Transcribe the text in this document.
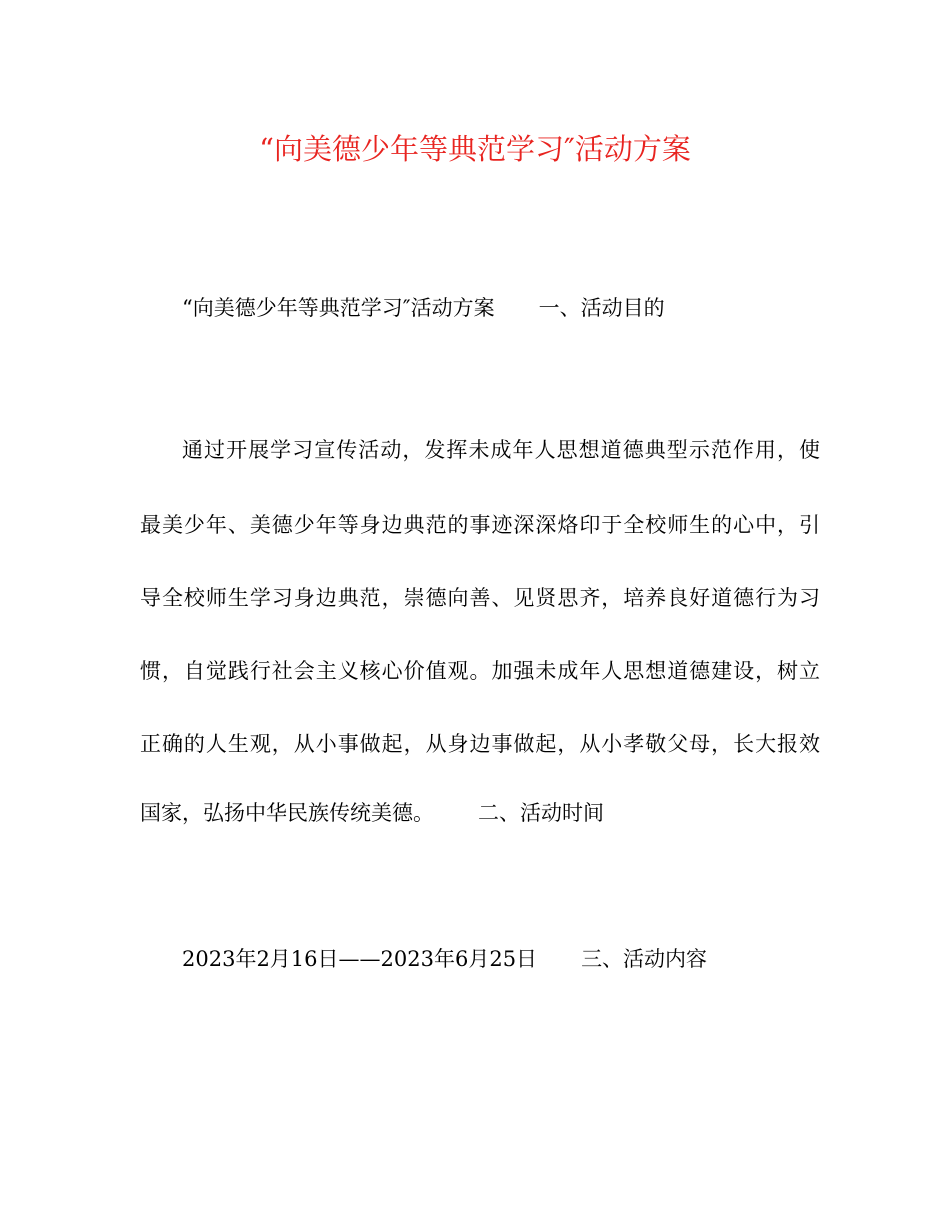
“向美德少年等典范学习″活动方案
“向美德少年等典范学习″活动方案 一、活动目的
通过开展学习宣传活动，发挥未成年人思想道德典型示范作用，使
最美少年、美德少年等身边典范的事迹深深烙印于全校师生的心中，引
导全校师生学习身边典范，崇德向善、见贤思齐，培养良好道德行为习
惯，自觉践行社会主义核心价值观。加强未成年人思想道德建设，树立
正确的人生观，从小事做起，从身边事做起，从小孝敬父母，长大报效
国家，弘扬中华民族传统美德。 二、活动时间
2023年2月16日——2023年6月25日 三、活动内容
